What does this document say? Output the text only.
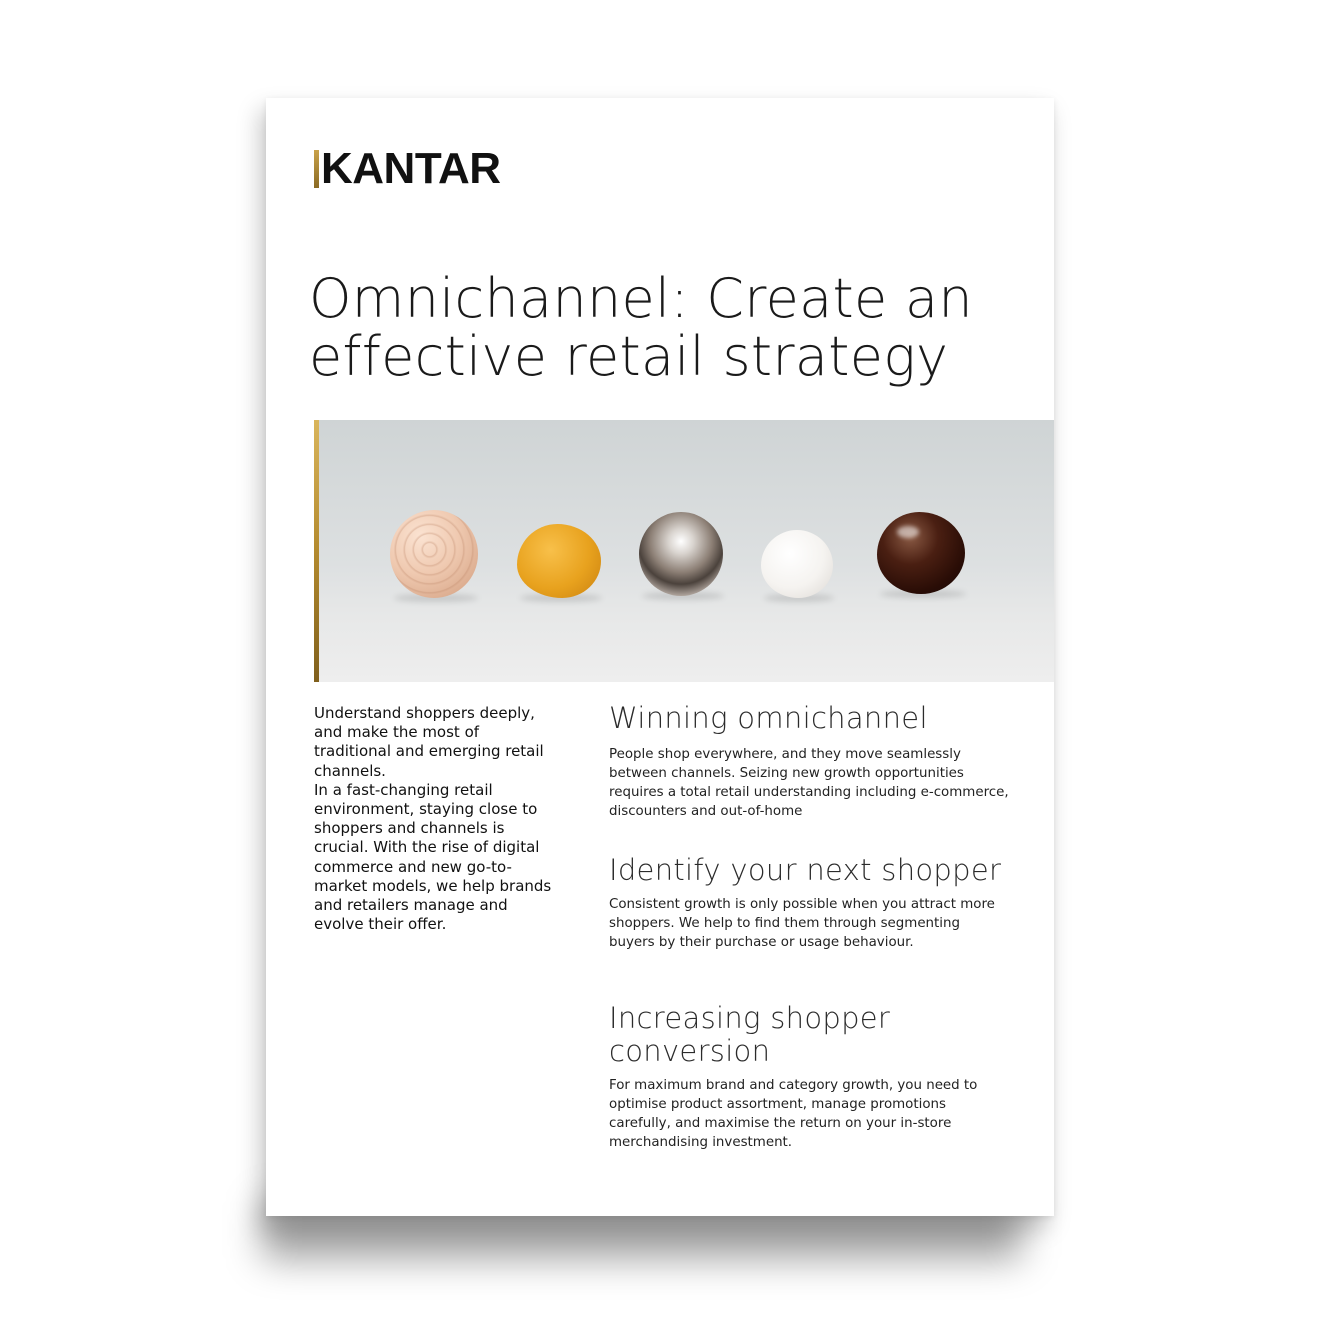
KANTAR
Omnichannel: Create an effective retail strategy

Understand shoppers deeply, and make the most of traditional and emerging retail channels.

In a fast-changing retail environment, staying close to shoppers and channels is crucial. With the rise of digital commerce and new go-to-market models, we help brands and retailers manage and evolve their offer.

Winning omnichannel

People shop everywhere, and they move seamlessly between channels. Seizing new growth opportunities requires a total retail understanding including e-commerce, discounters and out-of-home

Identify your next shopper

Consistent growth is only possible when you attract more shoppers. We help to find them through segmenting buyers by their purchase or usage behaviour.

Increasing shopper conversion

For maximum brand and category growth, you need to optimise product assortment, manage promotions carefully, and maximise the return on your in-store merchandising investment.
